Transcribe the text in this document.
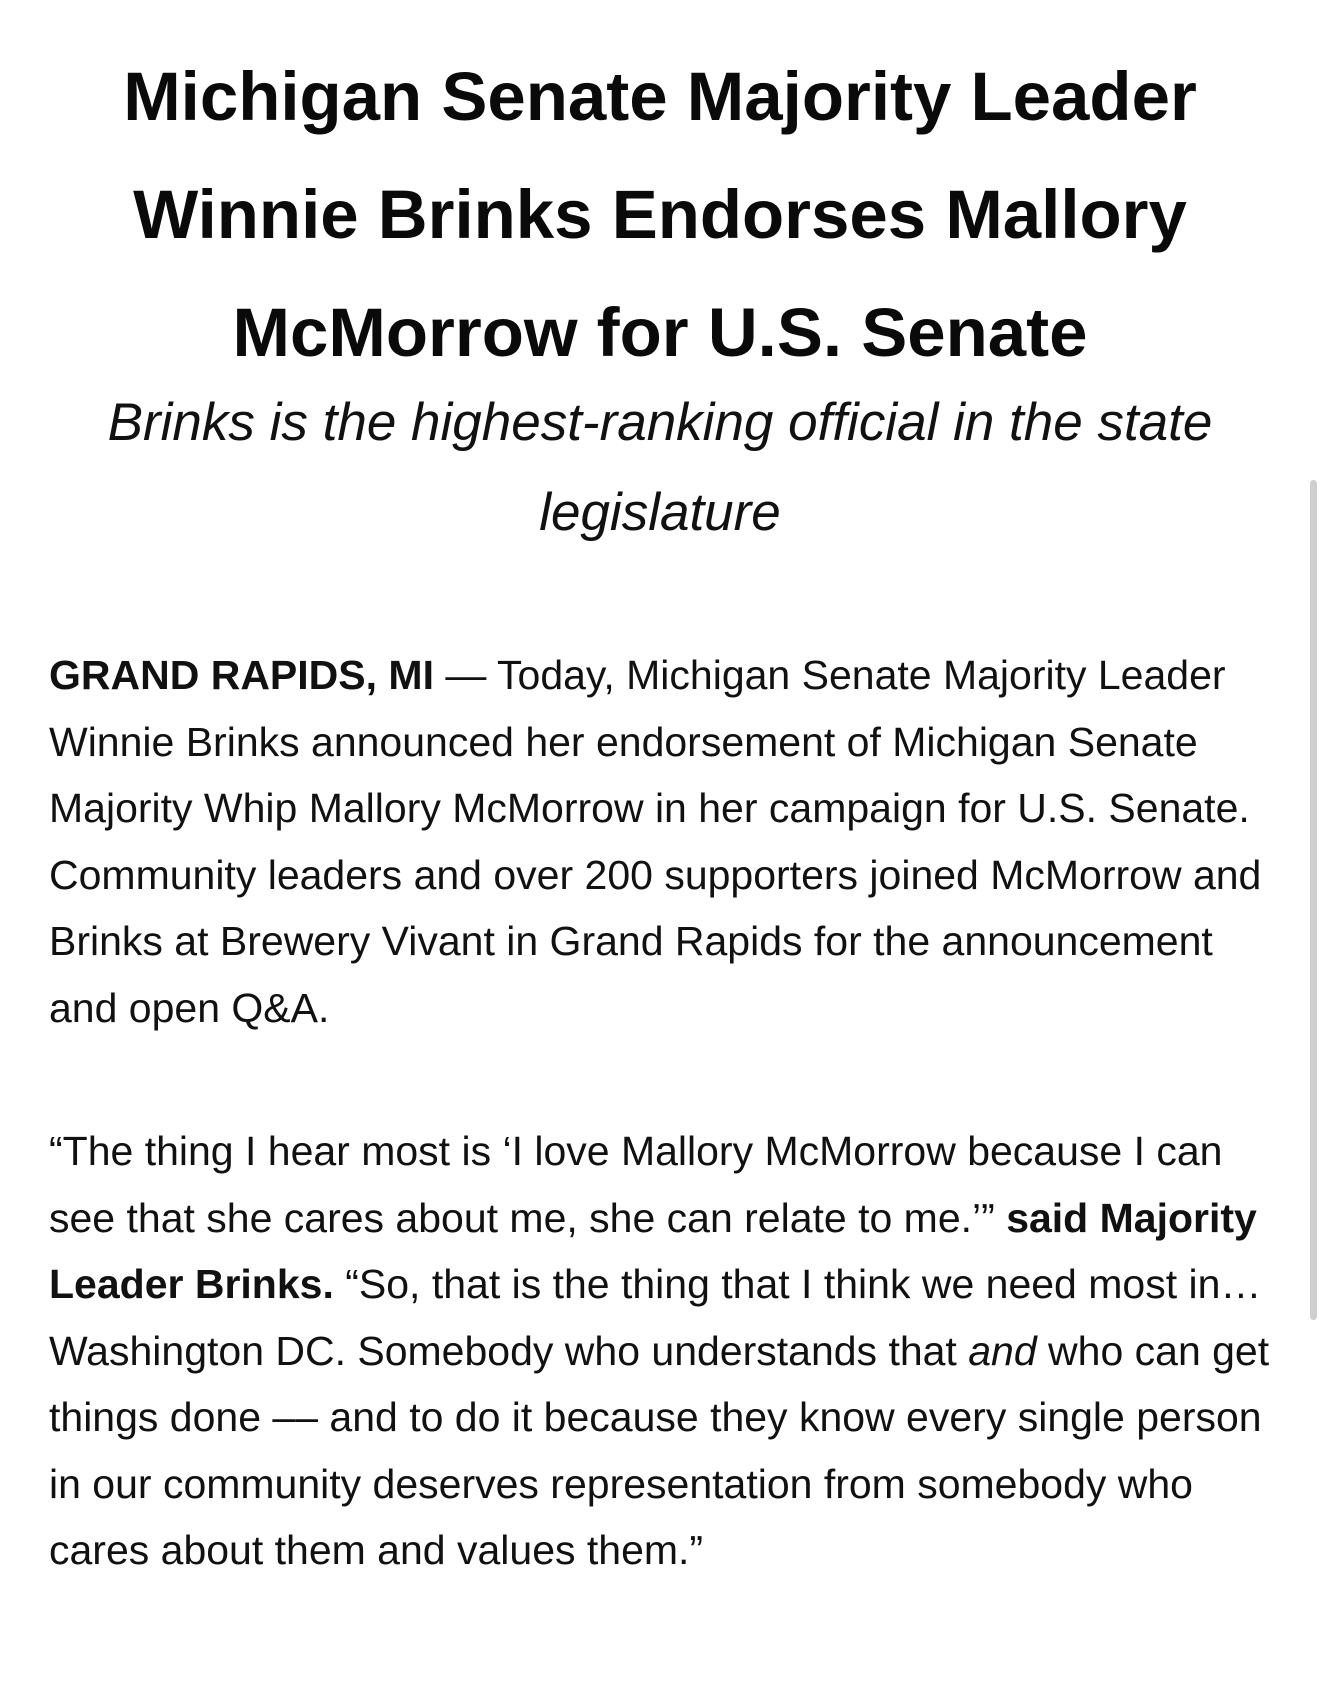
Michigan Senate Majority Leader Winnie Brinks Endorses Mallory McMorrow for U.S. Senate

Brinks is the highest-ranking official in the state legislature

GRAND RAPIDS, MI — Today, Michigan Senate Majority Leader Winnie Brinks announced her endorsement of Michigan Senate Majority Whip Mallory McMorrow in her campaign for U.S. Senate. Community leaders and over 200 supporters joined McMorrow and Brinks at Brewery Vivant in Grand Rapids for the announcement and open Q&A.

“The thing I hear most is ‘I love Mallory McMorrow because I can see that she cares about me, she can relate to me.’” said Majority Leader Brinks. “So, that is the thing that I think we need most in… Washington DC. Somebody who understands that and who can get things done –– and to do it because they know every single person in our community deserves representation from somebody who cares about them and values them.”
